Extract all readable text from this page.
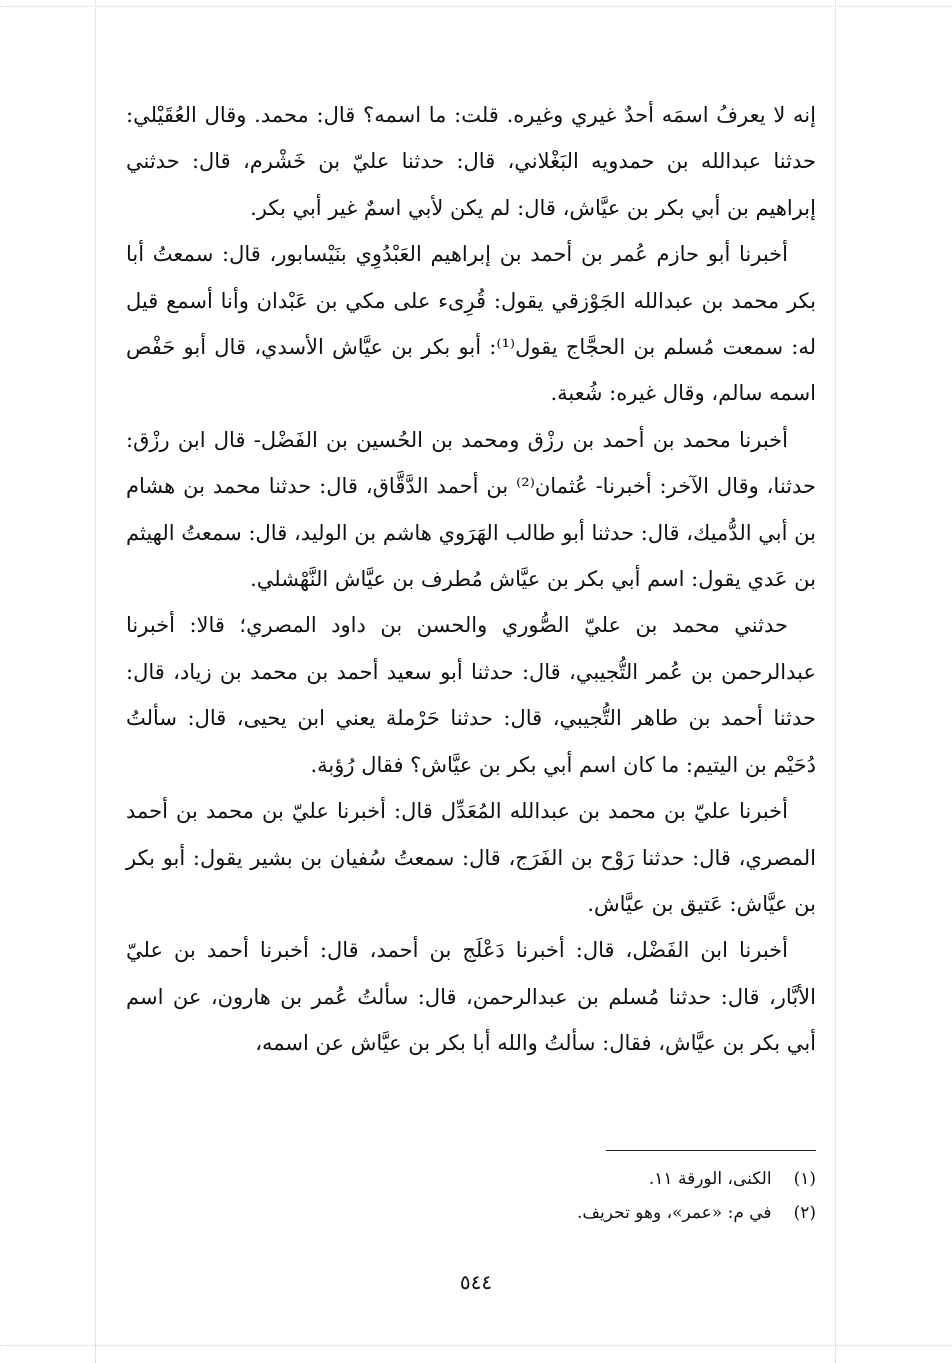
إنه لا يعرفُ اسمَه أحدٌ غيري وغيره. قلت: ما اسمه؟ قال: محمد. وقال العُقَيْلي: حدثنا عبدالله بن حمدويه البَغْلاني، قال: حدثنا عليّ بن خَشْرم، قال: حدثني إبراهيم بن أبي بكر بن عيَّاش، قال: لم يكن لأبي اسمٌ غير أبي بكر.

أخبرنا أبو حازم عُمر بن أحمد بن إبراهيم العَبْدُوِي بنَيْسابور، قال: سمعتُ أبا بكر محمد بن عبدالله الجَوْزقي يقول: قُرِىء على مكي بن عَبْدان وأنا أسمع قيل له: سمعت مُسلم بن الحجَّاج يقول⁽¹⁾: أبو بكر بن عيَّاش الأسدي، قال أبو حَفْص اسمه سالم، وقال غيره: شُعبة.

أخبرنا محمد بن أحمد بن رزْق ومحمد بن الحُسين بن الفَضْل- قال ابن رزْق: حدثنا، وقال الآخر: أخبرنا- عُثمان⁽²⁾ بن أحمد الدَّقَّاق، قال: حدثنا محمد بن هشام بن أبي الدُّميك، قال: حدثنا أبو طالب الهَرَوي هاشم بن الوليد، قال: سمعتُ الهيثم بن عَدي يقول: اسم أبي بكر بن عيَّاش مُطرف بن عيَّاش النَّهْشلي.

حدثني محمد بن عليّ الصُّوري والحسن بن داود المصري؛ قالا: أخبرنا عبدالرحمن بن عُمر التُّجيبي، قال: حدثنا أبو سعيد أحمد بن محمد بن زياد، قال: حدثنا أحمد بن طاهر التُّجيبي، قال: حدثنا حَرْملة يعني ابن يحيى، قال: سألتُ دُحَيْم بن اليتيم: ما كان اسم أبي بكر بن عيَّاش؟ فقال رُؤبة.

أخبرنا عليّ بن محمد بن عبدالله المُعَدِّل قال: أخبرنا عليّ بن محمد بن أحمد المصري، قال: حدثنا رَوْح بن الفَرَج، قال: سمعتُ سُفيان بن بشير يقول: أبو بكر بن عيَّاش: عَتيق بن عيَّاش.

أخبرنا ابن الفَضْل، قال: أخبرنا دَعْلَج بن أحمد، قال: أخبرنا أحمد بن عليّ الأبَّار، قال: حدثنا مُسلم بن عبدالرحمن، قال: سألتُ عُمر بن هارون، عن اسم أبي بكر بن عيَّاش، فقال: سألتُ والله أبا بكر بن عيَّاش عن اسمه،

(١)الكنى، الورقة ١١.
(٢)في م: «عمر»، وهو تحريف.
٥٤٤
